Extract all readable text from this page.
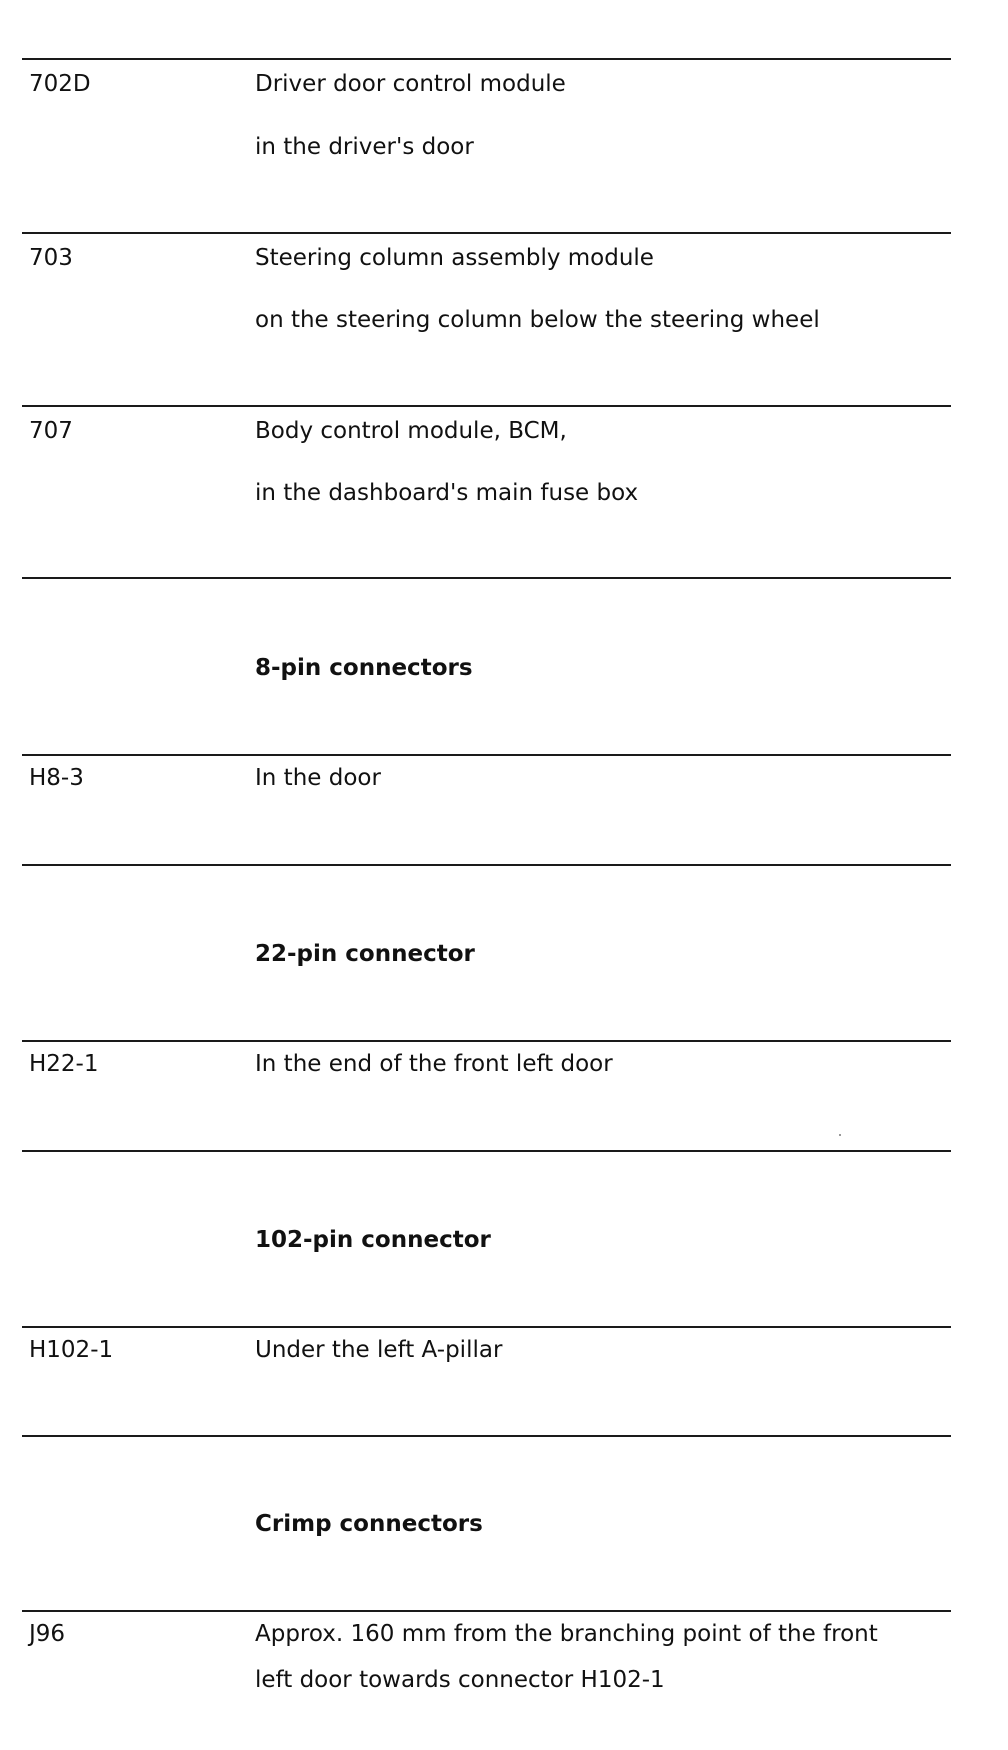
702D	Driver door control module
in the driver's door
703	Steering column assembly module
on the steering column below the steering wheel
707	Body control module, BCM,
in the dashboard's main fuse box
8-pin connectors
H8-3	In the door
22-pin connector
H22-1	In the end of the front left door
102-pin connector
H102-1	Under the left A-pillar
Crimp connectors
J96	Approx. 160 mm from the branching point of the front
left door towards connector H102-1
